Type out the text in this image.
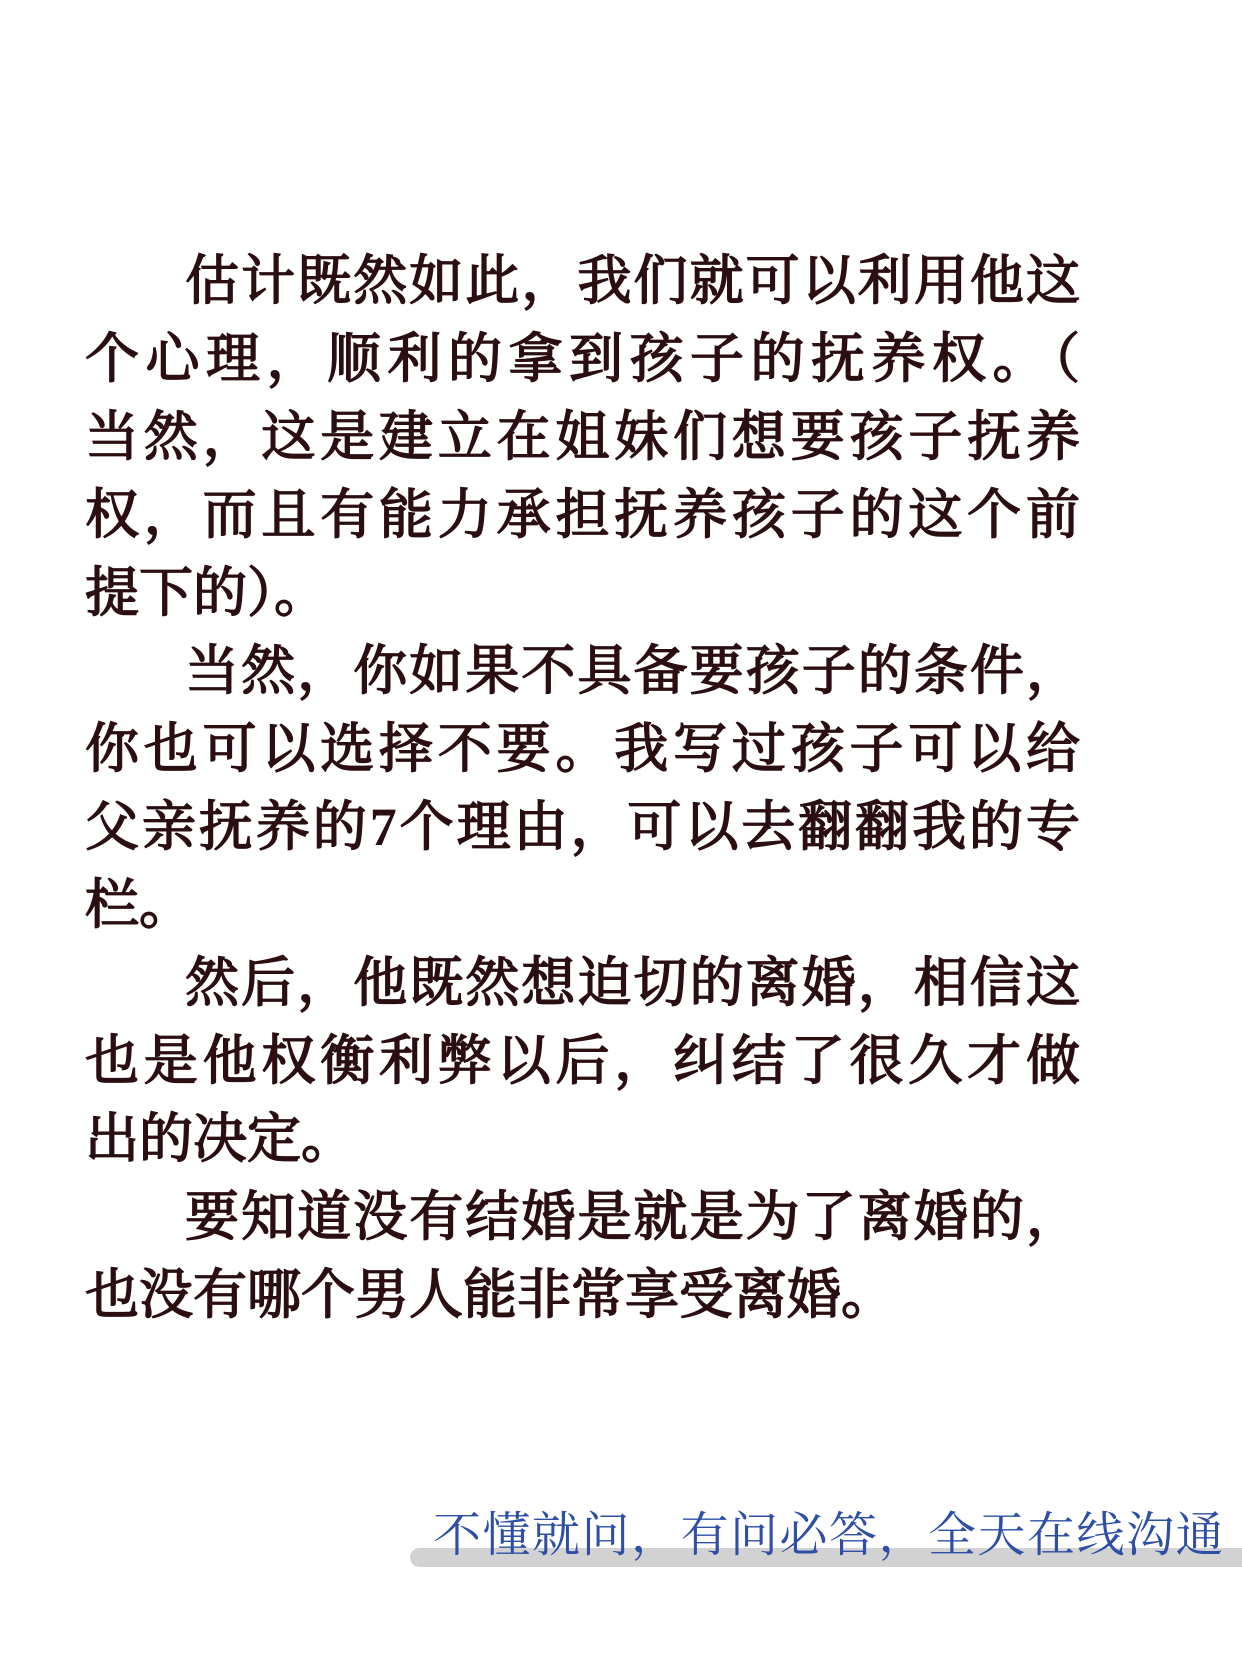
估计既然如此，我们就可以利用他这
个心理，顺利的拿到孩子的抚养权。（
当然，这是建立在姐妹们想要孩子抚养
权，而且有能力承担抚养孩子的这个前
提下的）。
当然，你如果不具备要孩子的条件，
你也可以选择不要。我写过孩子可以给
父亲抚养的7个理由，可以去翻翻我的专
栏。
然后，他既然想迫切的离婚，相信这
也是他权衡利弊以后，纠结了很久才做
出的决定。
要知道没有结婚是就是为了离婚的，
也没有哪个男人能非常享受离婚。
不懂就问，有问必答，全天在线沟通
